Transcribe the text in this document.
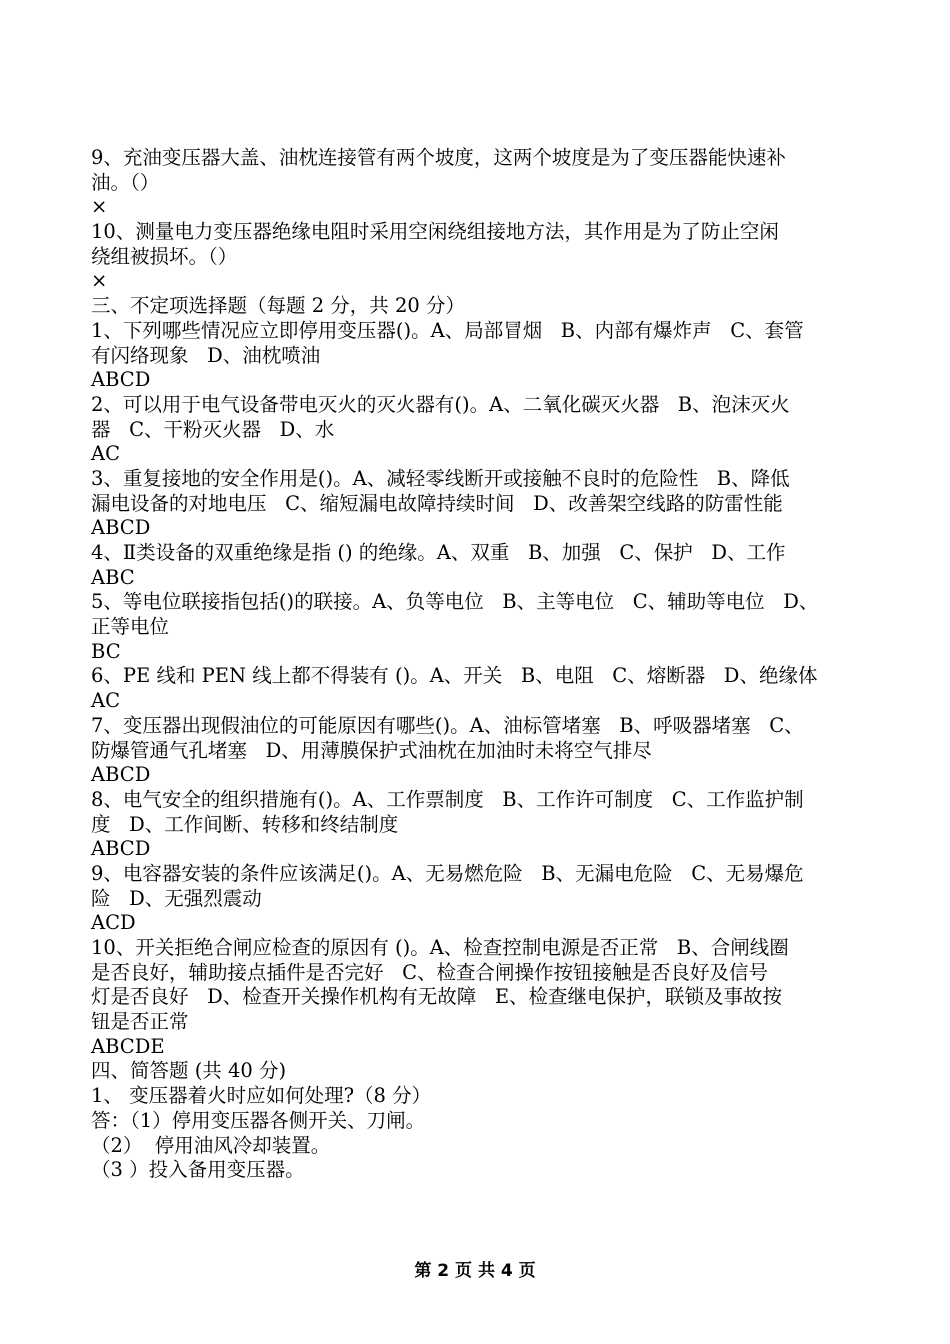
9、充油变压器大盖、油枕连接管有两个坡度，这两个坡度是为了变压器能快速补
油。（）
×
10、测量电力变压器绝缘电阻时采用空闲绕组接地方法，其作用是为了防止空闲
绕组被损坏。（）
×
三、不定项选择题（每题 2 分，共 20 分）
1、下列哪些情况应立即停用变压器()。A、局部冒烟   B、内部有爆炸声   C、套管
有闪络现象   D、油枕喷油
ABCD
2、可以用于电气设备带电灭火的灭火器有()。A、二氧化碳灭火器   B、泡沫灭火
器   C、干粉灭火器   D、水
AC
3、重复接地的安全作用是()。A、减轻零线断开或接触不良时的危险性   B、降低
漏电设备的对地电压   C、缩短漏电故障持续时间   D、改善架空线路的防雷性能
ABCD
4、Ⅱ类设备的双重绝缘是指 () 的绝缘。A、双重   B、加强   C、保护   D、工作
ABC
5、等电位联接指包括()的联接。A、负等电位   B、主等电位   C、辅助等电位   D、
正等电位
BC
6、PE 线和 PEN 线上都不得装有 ()。A、开关   B、电阻   C、熔断器   D、绝缘体
AC
7、变压器出现假油位的可能原因有哪些()。A、油标管堵塞   B、呼吸器堵塞   C、
防爆管通气孔堵塞   D、用薄膜保护式油枕在加油时未将空气排尽
ABCD
8、电气安全的组织措施有()。A、工作票制度   B、工作许可制度   C、工作监护制
度   D、工作间断、转移和终结制度
ABCD
9、电容器安装的条件应该满足()。A、无易燃危险   B、无漏电危险   C、无易爆危
险   D、无强烈震动
ACD
10、开关拒绝合闸应检查的原因有 ()。A、检查控制电源是否正常   B、合闸线圈
是否良好，辅助接点插件是否完好   C、检查合闸操作按钮接触是否良好及信号
灯是否良好   D、检查开关操作机构有无故障   E、检查继电保护，联锁及事故按
钮是否正常
ABCDE
四、简答题 (共 40 分)
1、 变压器着火时应如何处理?（8 分）
答：（1）停用变压器各侧开关、刀闸。
（2）  停用油风冷却装置。
（3 ）投入备用变压器。
第 2 页 共 4 页
